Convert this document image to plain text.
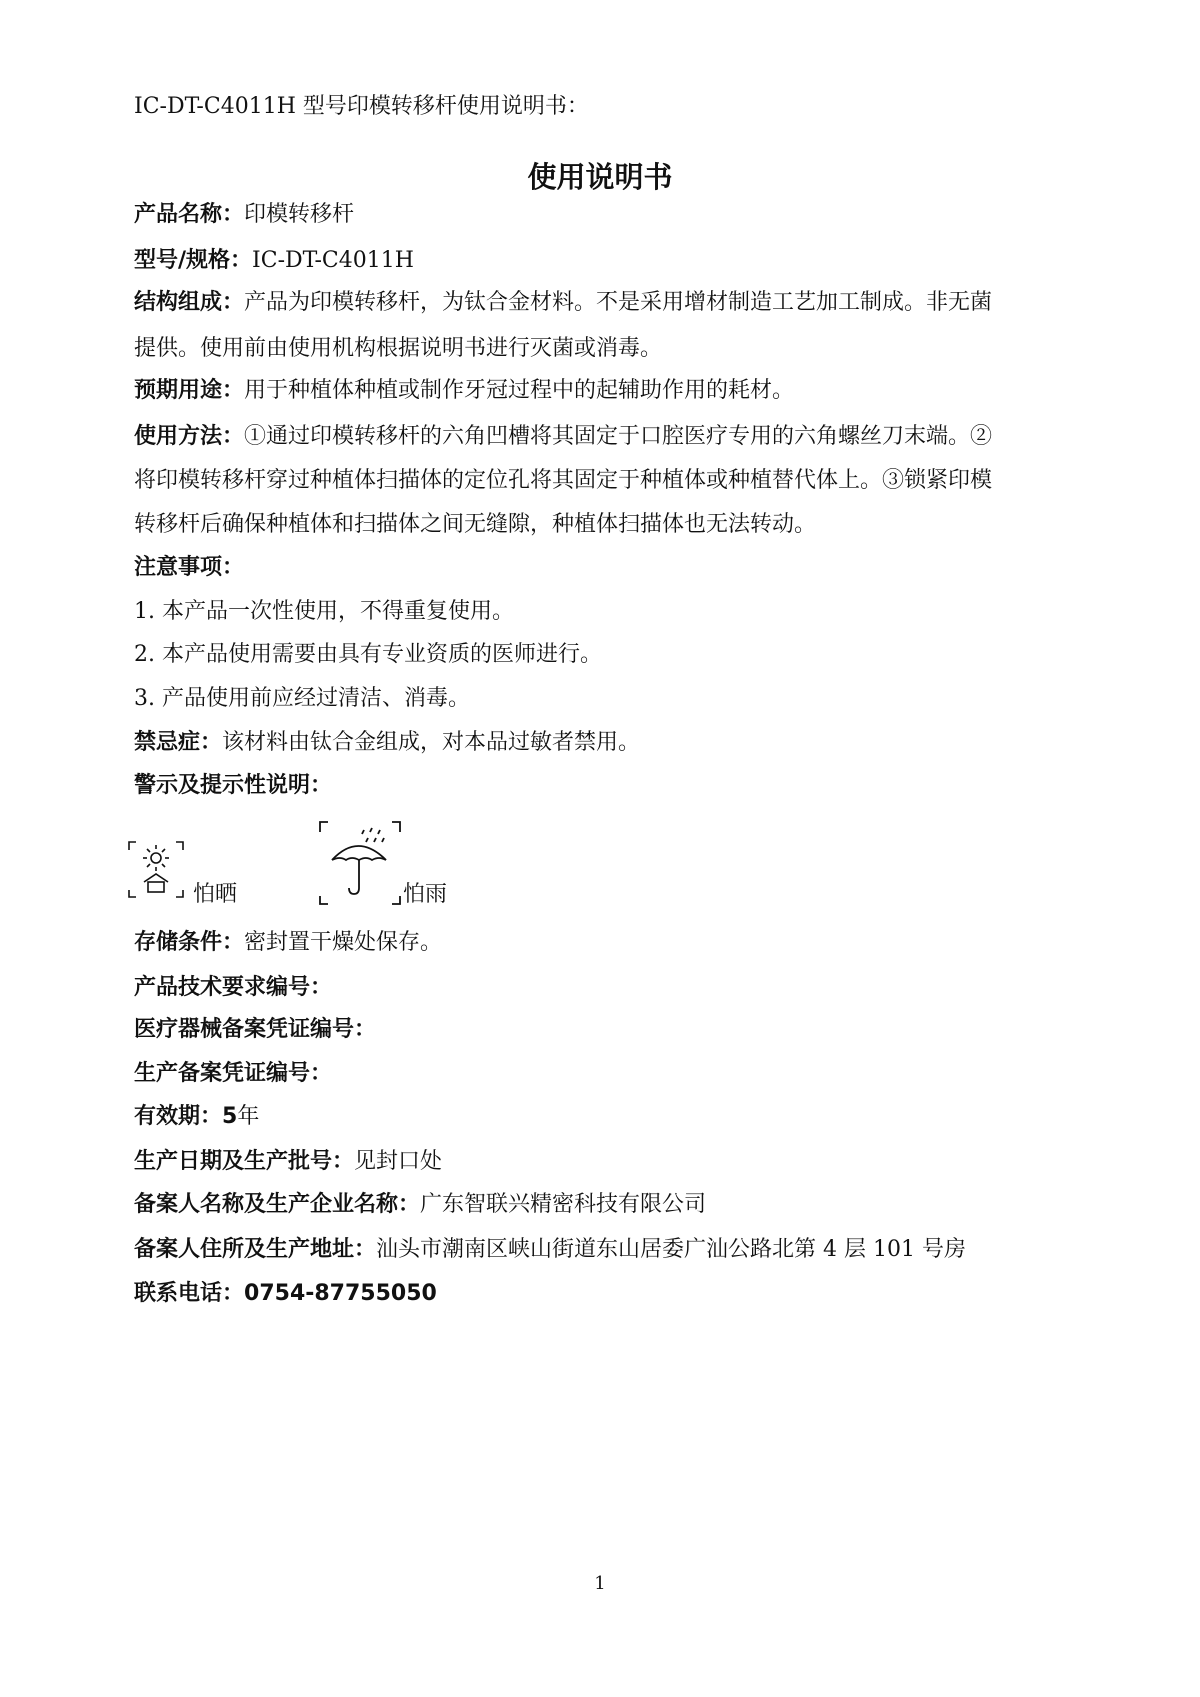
IC-DT-C4011H 型号印模转移杆使用说明书：
使用说明书
产品名称：印模转移杆
型号/规格：IC-DT-C4011H
结构组成：产品为印模转移杆，为钛合金材料。不是采用增材制造工艺加工制成。非无菌
提供。使用前由使用机构根据说明书进行灭菌或消毒。
预期用途：用于种植体种植或制作牙冠过程中的起辅助作用的耗材。
使用方法：①通过印模转移杆的六角凹槽将其固定于口腔医疗专用的六角螺丝刀末端。②
将印模转移杆穿过种植体扫描体的定位孔将其固定于种植体或种植替代体上。③锁紧印模
转移杆后确保种植体和扫描体之间无缝隙，种植体扫描体也无法转动。
注意事项：
1. 本产品一次性使用，不得重复使用。
2. 本产品使用需要由具有专业资质的医师进行。
3. 产品使用前应经过清洁、消毒。
禁忌症：该材料由钛合金组成，对本品过敏者禁用。
警示及提示性说明：
怕晒	怕雨
存储条件：密封置干燥处保存。
产品技术要求编号：
医疗器械备案凭证编号：
生产备案凭证编号：
有效期：5年
生产日期及生产批号：见封口处
备案人名称及生产企业名称：广东智联兴精密科技有限公司
备案人住所及生产地址：汕头市潮南区峡山街道东山居委广汕公路北第 4 层 101 号房
联系电话：0754-87755050
1
